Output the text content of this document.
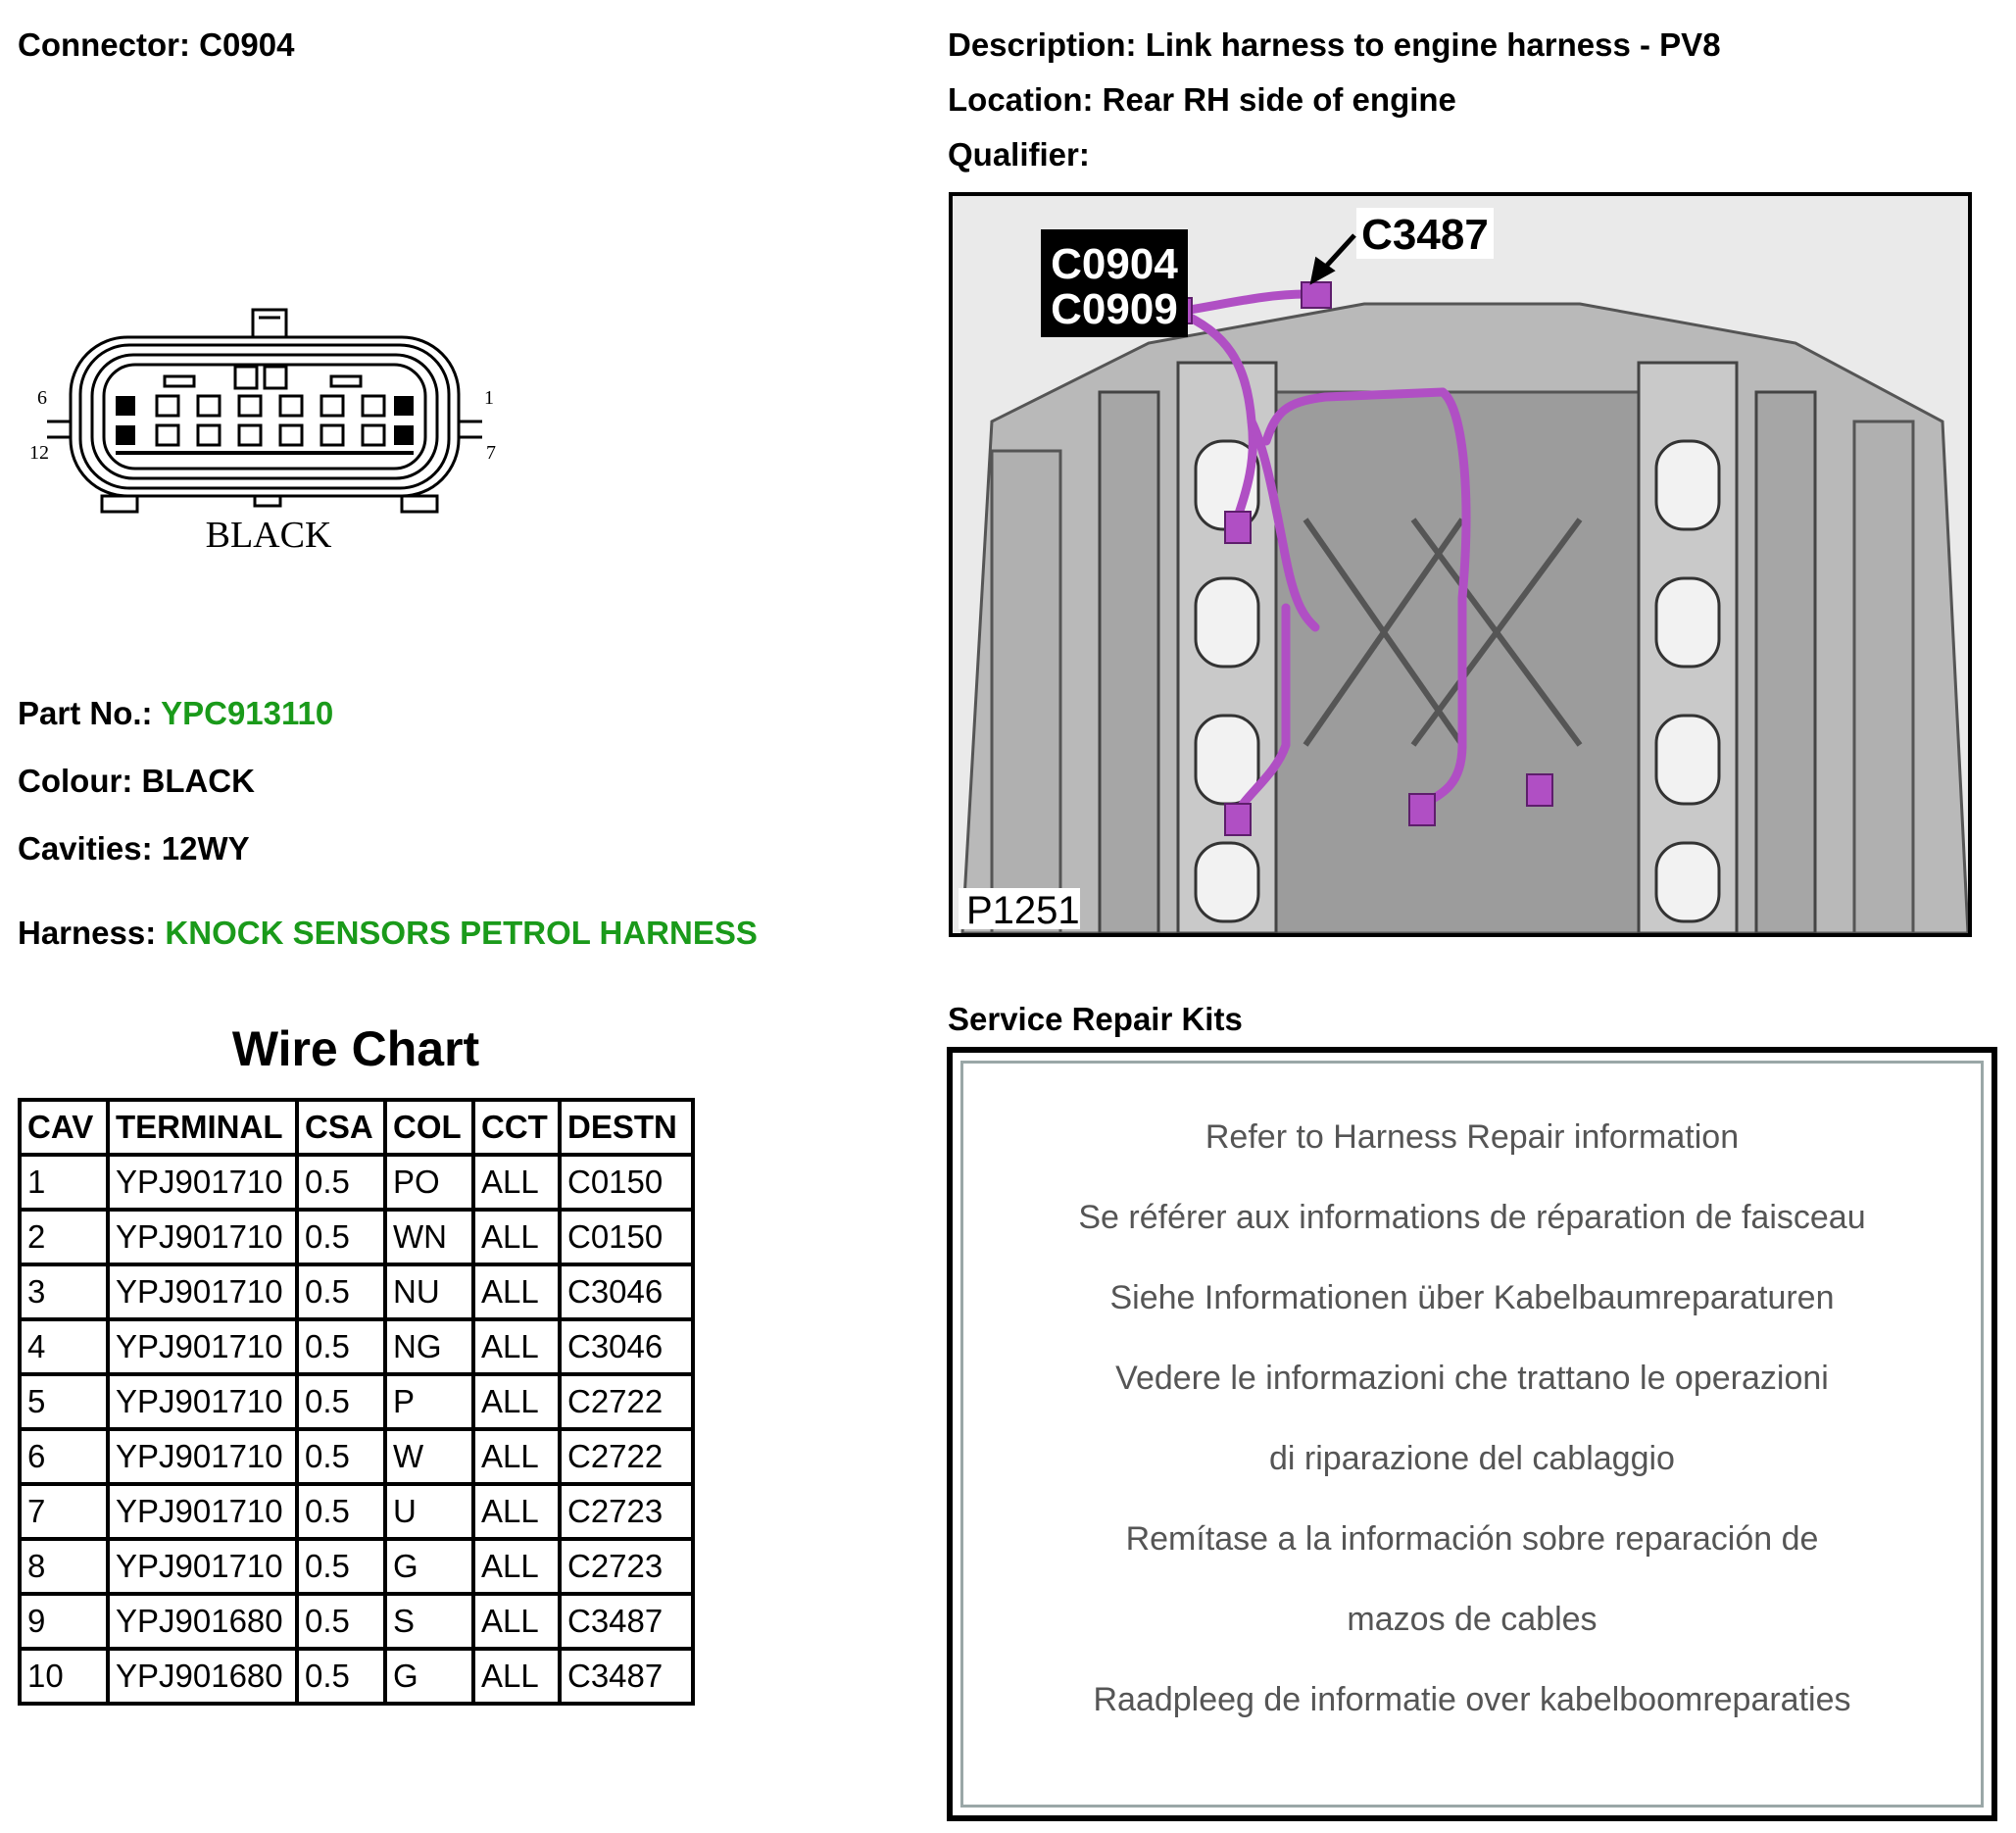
Connector: C0904
6
12
1
7
BLACK
Part No.: YPC913110
Colour: BLACK
Cavities: 12WY
Harness: KNOCK SENSORS PETROL HARNESS
Wire Chart
CAV	TERMINAL	CSA	COL	CCT	DESTN
1	YPJ901710	0.5	PO	ALL	C0150
2	YPJ901710	0.5	WN	ALL	C0150
3	YPJ901710	0.5	NU	ALL	C3046
4	YPJ901710	0.5	NG	ALL	C3046
5	YPJ901710	0.5	P	ALL	C2722
6	YPJ901710	0.5	W	ALL	C2722
7	YPJ901710	0.5	U	ALL	C2723
8	YPJ901710	0.5	G	ALL	C2723
9	YPJ901680	0.5	S	ALL	C3487
10	YPJ901680	0.5	G	ALL	C3487
Description: Link harness to engine harness - PV8
Location: Rear RH side of engine
Qualifier:
C0904
C0909
C3487
P1251
Service Repair Kits
Refer to Harness Repair information
Se référer aux informations de réparation de faisceau
Siehe Informationen über Kabelbaumreparaturen
Vedere le informazioni che trattano le operazioni
di riparazione del cablaggio
Remítase a la información sobre reparación de
mazos de cables
Raadpleeg de informatie over kabelboomreparaties
